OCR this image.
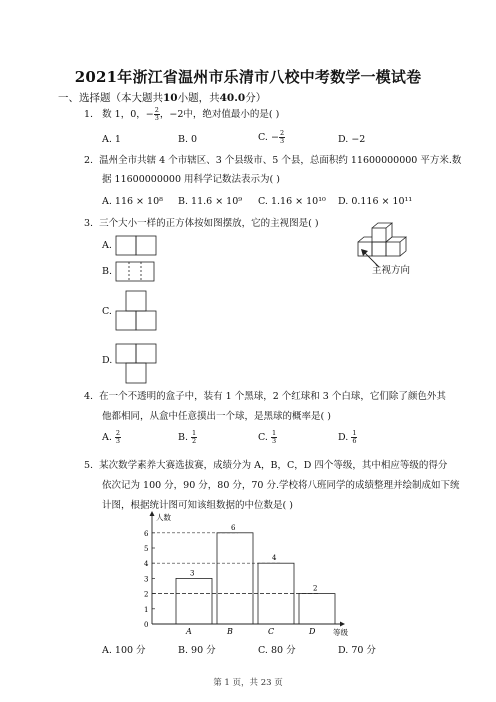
2021年浙江省温州市乐清市八校中考数学一模试卷
一、选择题（本大题共10小题，共40.0分）
1. 数 1，0，− $\frac{2}{3}$ ，−2中，绝对值最小的是( )
A. 1	B. 0	C. − $\frac{2}{3}$	D. −2
2. 温州全市共辖 4 个市辖区、3 个县级市、5 个县，总面积约 11600000000 平方米.数
据 11600000000 用科学记数法表示为( )
A. 116 × 10⁸ B. 11.6 × 10⁹ C. 1.16 × 10¹⁰ D. 0.116 × 10¹¹
3. 三个大小一样的正方体按如图摆放，它的主视图是( )
A.
B.
C.
D.
主视方向
4. 在一个不透明的盒子中，装有 1 个黑球，2 个红球和 3 个白球，它们除了颜色外其
他都相同，从盒中任意摸出一个球，是黑球的概率是( )
A. $\frac{2}{3}$	B. $\frac{1}{2}$	C. $\frac{1}{3}$	D. $\frac{1}{6}$
5. 某次数学素养大赛选拔赛，成绩分为 A，B，C，D 四个等级，其中相应等级的得分
依次记为 100 分，90 分，80 分，70 分.学校将八班同学的成绩整理并绘制成如下统
计图，根据统计图可知该组数据的中位数是( )
3
A
6
B
4
C
2
D
0
1
2
3
4
5
6
人数
等级
A. 100 分	B. 90 分	C. 80 分	D. 70 分
第 1 页，共 23 页
